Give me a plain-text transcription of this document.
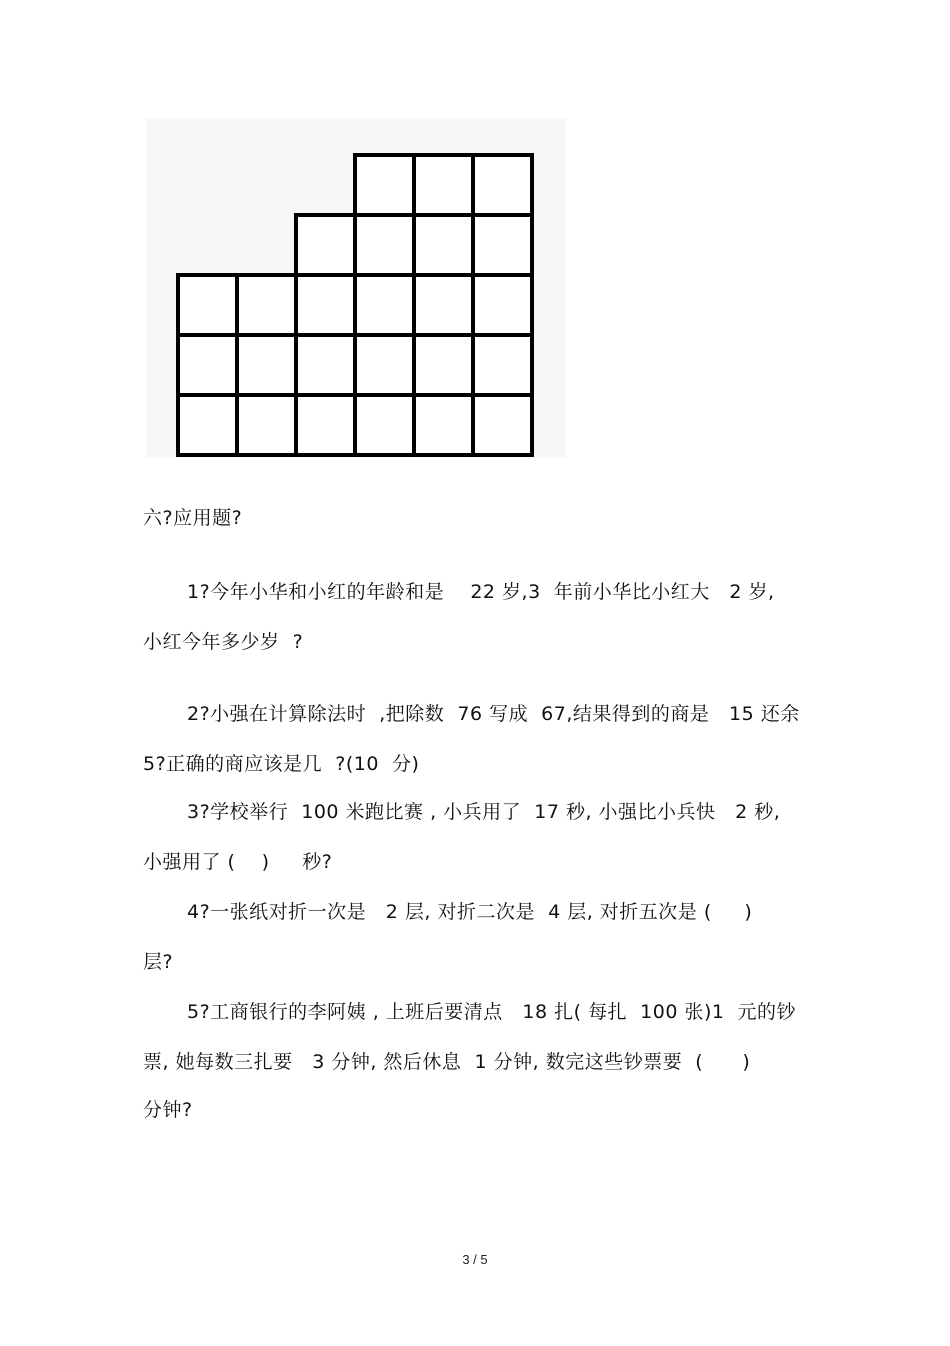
六?应用题?
1?今年小华和小红的年龄和是    22 岁,3  年前小华比小红大   2 岁,
小红今年多少岁  ?
2?小强在计算除法时  ,把除数  76 写成  67,结果得到的商是   15 还余
5?正确的商应该是几  ?(10  分)
3?学校举行  100 米跑比赛 , 小兵用了  17 秒, 小强比小兵快   2 秒,
小强用了 (    )     秒?
4?一张纸对折一次是   2 层, 对折二次是  4 层, 对折五次是 (     )
层?
5?工商银行的李阿姨 , 上班后要清点   18 扎( 每扎  100 张)1  元的钞
票, 她每数三扎要   3 分钟, 然后休息  1 分钟, 数完这些钞票要  (      )
分钟?
3 / 5
